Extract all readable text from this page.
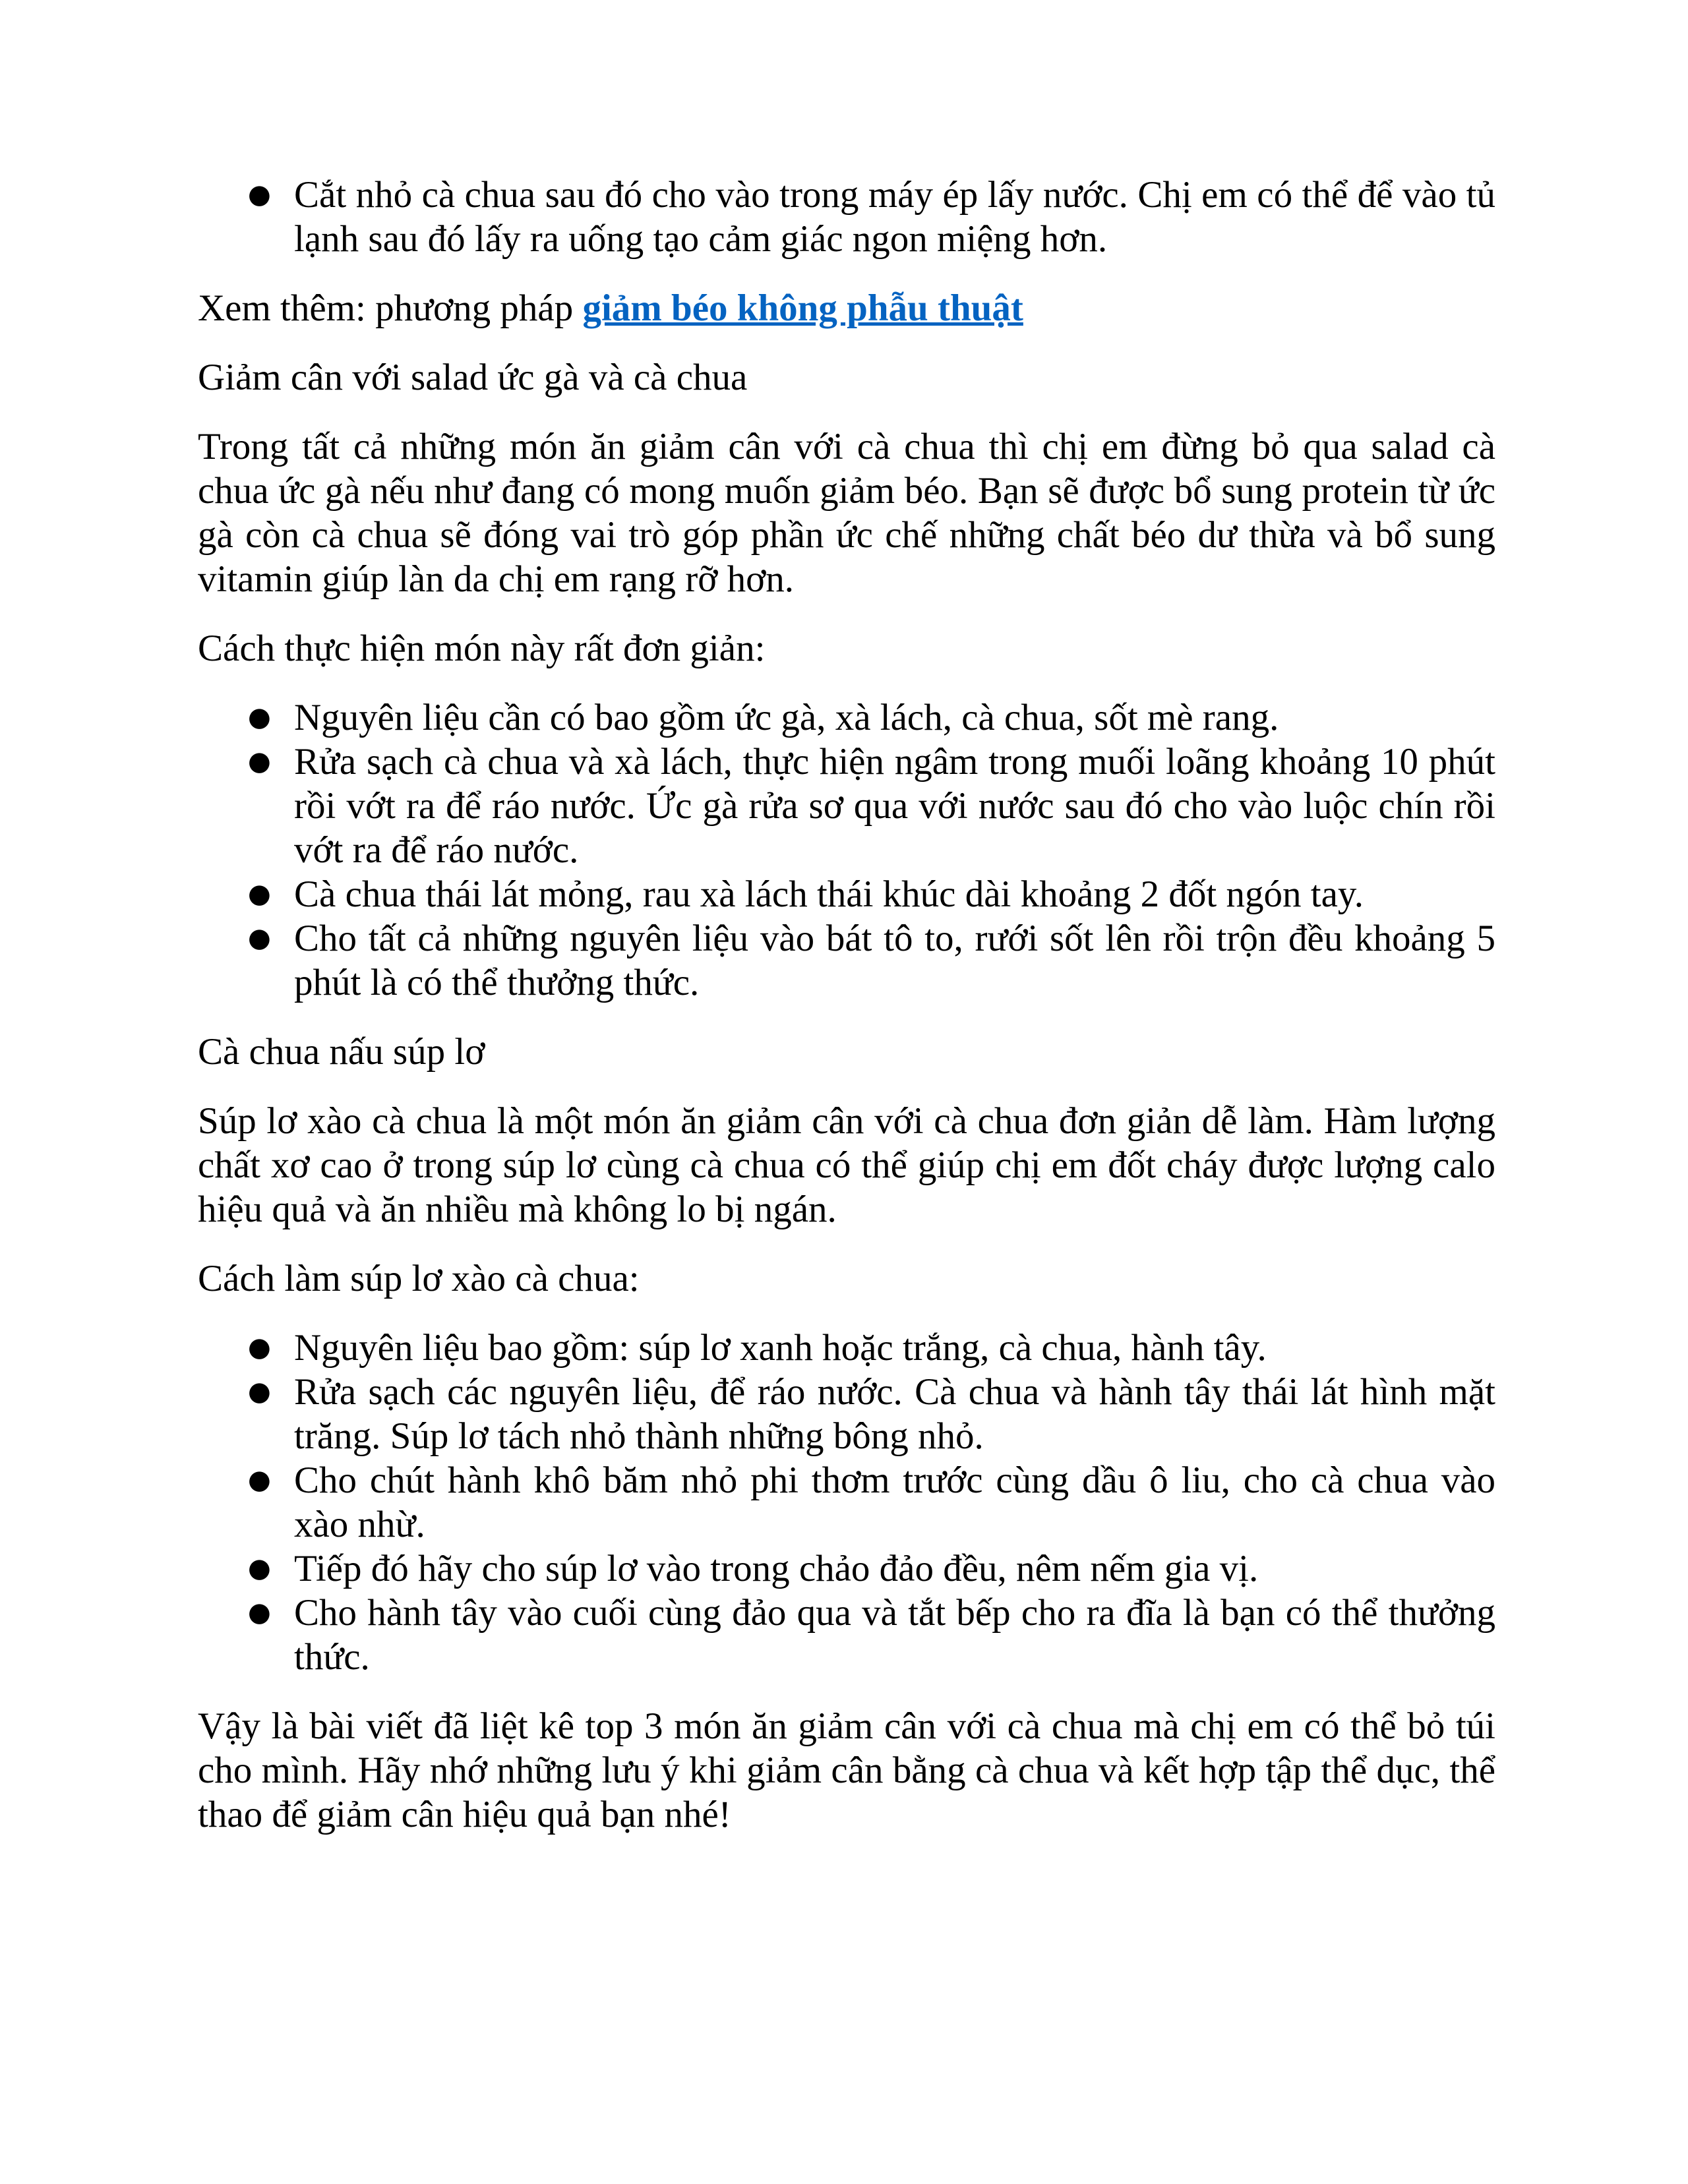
● Cắt nhỏ cà chua sau đó cho vào trong máy ép lấy nước. Chị em có thể để vào tủ lạnh sau đó lấy ra uống tạo cảm giác ngon miệng hơn.

Xem thêm: phương pháp giảm béo không phẫu thuật

Giảm cân với salad ức gà và cà chua

Trong tất cả những món ăn giảm cân với cà chua thì chị em đừng bỏ qua salad cà chua ức gà nếu như đang có mong muốn giảm béo. Bạn sẽ được bổ sung protein từ ức gà còn cà chua sẽ đóng vai trò góp phần ức chế những chất béo dư thừa và bổ sung vitamin giúp làn da chị em rạng rỡ hơn.

Cách thực hiện món này rất đơn giản:

● Nguyên liệu cần có bao gồm ức gà, xà lách, cà chua, sốt mè rang.
● Rửa sạch cà chua và xà lách, thực hiện ngâm trong muối loãng khoảng 10 phút rồi vớt ra để ráo nước. Ức gà rửa sơ qua với nước sau đó cho vào luộc chín rồi vớt ra để ráo nước.
● Cà chua thái lát mỏng, rau xà lách thái khúc dài khoảng 2 đốt ngón tay.
● Cho tất cả những nguyên liệu vào bát tô to, rưới sốt lên rồi trộn đều khoảng 5 phút là có thể thưởng thức.

Cà chua nấu súp lơ

Súp lơ xào cà chua là một món ăn giảm cân với cà chua đơn giản dễ làm. Hàm lượng chất xơ cao ở trong súp lơ cùng cà chua có thể giúp chị em đốt cháy được lượng calo hiệu quả và ăn nhiều mà không lo bị ngán.

Cách làm súp lơ xào cà chua:

● Nguyên liệu bao gồm: súp lơ xanh hoặc trắng, cà chua, hành tây.
● Rửa sạch các nguyên liệu, để ráo nước. Cà chua và hành tây thái lát hình mặt trăng. Súp lơ tách nhỏ thành những bông nhỏ.
● Cho chút hành khô băm nhỏ phi thơm trước cùng dầu ô liu, cho cà chua vào xào nhừ.
● Tiếp đó hãy cho súp lơ vào trong chảo đảo đều, nêm nếm gia vị.
● Cho hành tây vào cuối cùng đảo qua và tắt bếp cho ra đĩa là bạn có thể thưởng thức.

Vậy là bài viết đã liệt kê top 3 món ăn giảm cân với cà chua mà chị em có thể bỏ túi cho mình. Hãy nhớ những lưu ý khi giảm cân bằng cà chua và kết hợp tập thể dục, thể thao để giảm cân hiệu quả bạn nhé!
